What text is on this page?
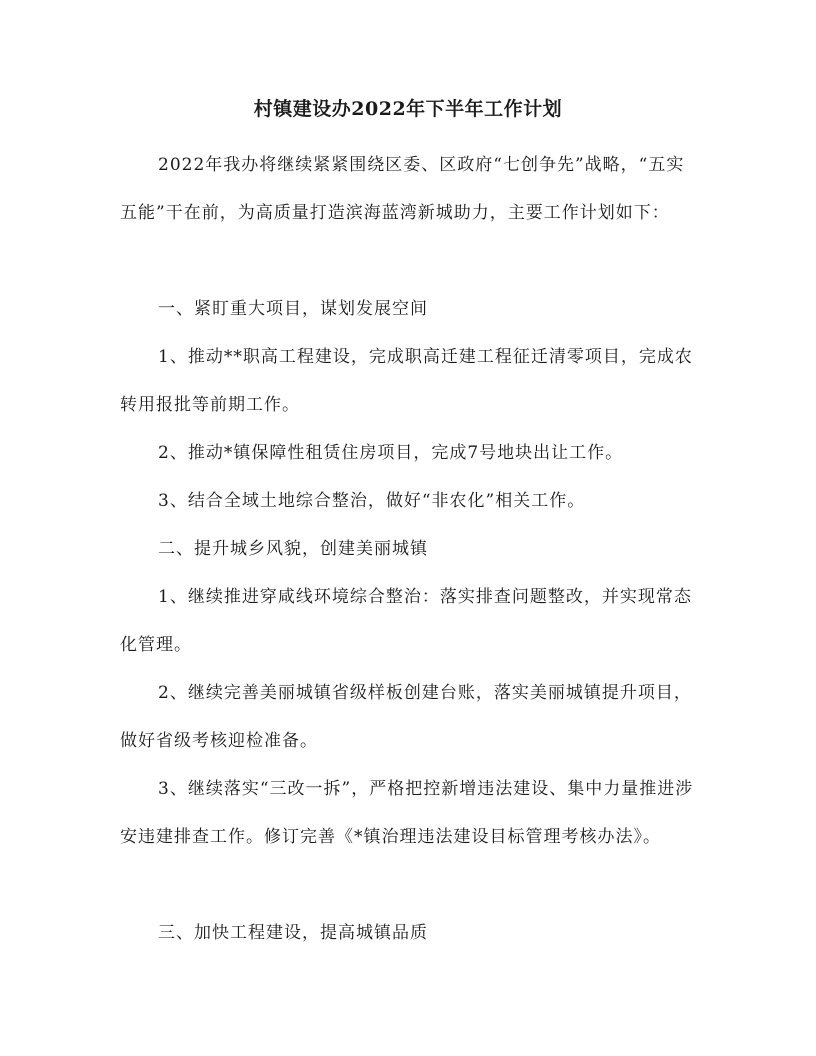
村镇建设办2022年下半年工作计划

2022年我办将继续紧紧围绕区委、区政府“七创争先”战略，“五实五能”干在前，为高质量打造滨海蓝湾新城助力，主要工作计划如下：

一、紧盯重大项目，谋划发展空间

1、推动**职高工程建设，完成职高迁建工程征迁清零项目，完成农转用报批等前期工作。

2、推动*镇保障性租赁住房项目，完成7号地块出让工作。

3、结合全域土地综合整治，做好“非农化”相关工作。

二、提升城乡风貌，创建美丽城镇

1、继续推进穿咸线环境综合整治：落实排查问题整改，并实现常态化管理。

2、继续完善美丽城镇省级样板创建台账，落实美丽城镇提升项目，做好省级考核迎检准备。

3、继续落实“三改一拆”，严格把控新增违法建设、集中力量推进涉安违建排查工作。修订完善《*镇治理违法建设目标管理考核办法》。

三、加快工程建设，提高城镇品质
